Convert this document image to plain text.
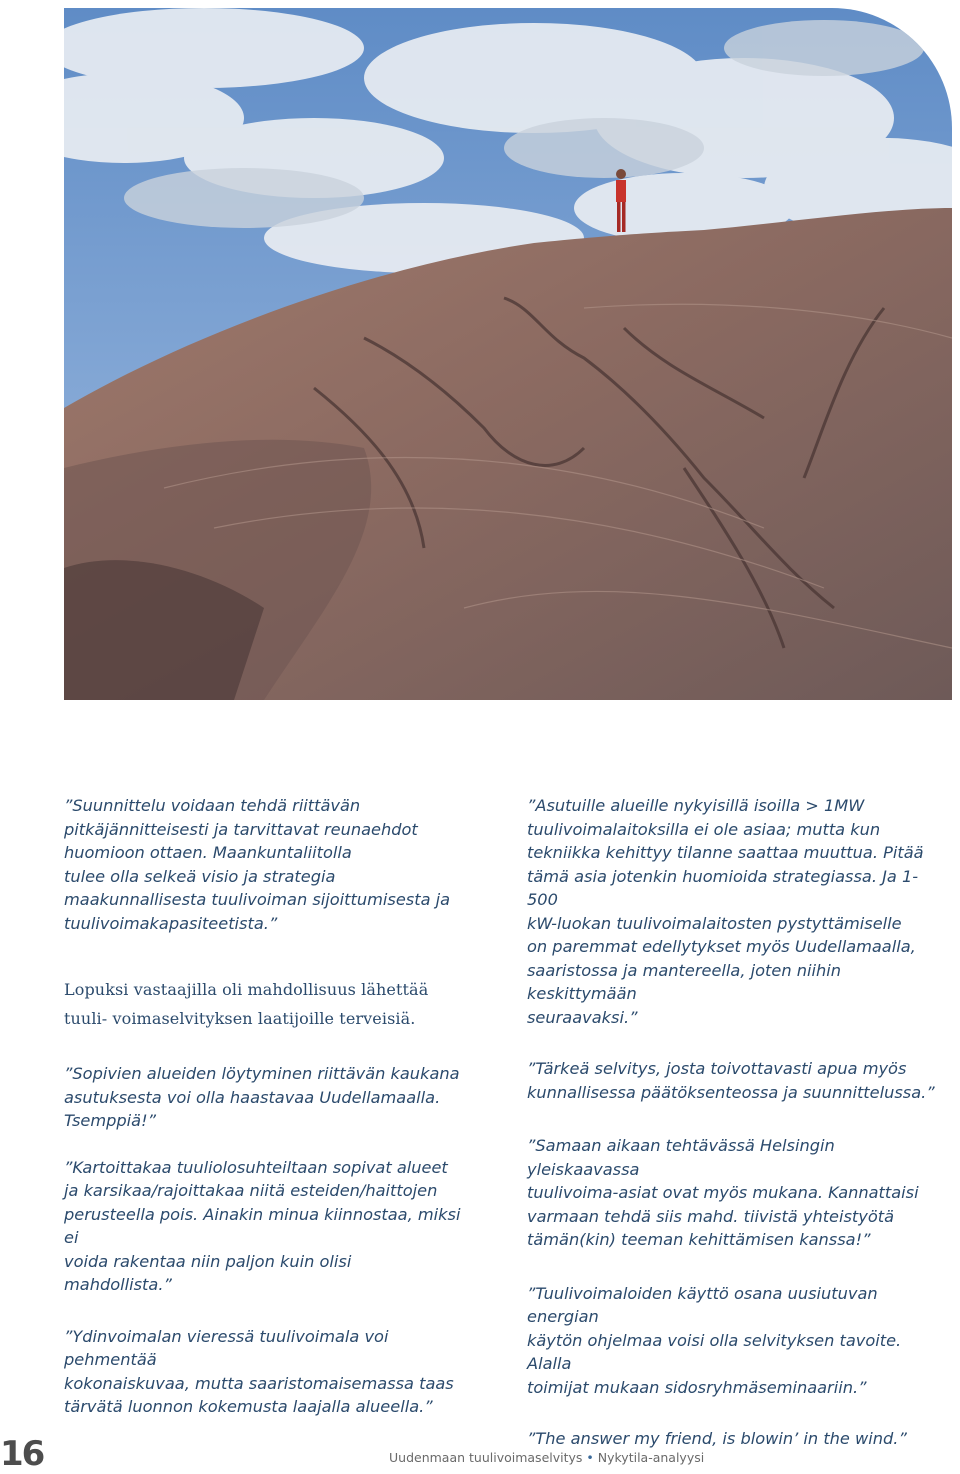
”Suunnittelu voidaan tehdä riittävän
pitkäjännitteisesti ja tarvittavat reunaehdot
huomioon ottaen. Maankuntaliitolla
tulee olla selkeä visio ja strategia
maakunnallisesta tuulivoiman sijoittumisesta ja
tuulivoimakapasiteetista.”

Lopuksi vastaajilla oli mahdollisuus lähettää tuuli- voimaselvityksen laatijoille terveisiä.

”Sopivien alueiden löytyminen riittävän kaukana
asutuksesta voi olla haastavaa Uudellamaalla.
Tsemppiä!”

”Kartoittakaa tuuliolosuhteiltaan sopivat alueet
ja karsikaa/rajoittakaa niitä esteiden/haittojen
perusteella pois. Ainakin minua kiinnostaa, miksi ei
voida rakentaa niin paljon kuin olisi mahdollista.”

”Ydinvoimalan vieressä tuulivoimala voi pehmentää
kokonaiskuvaa, mutta saaristomaisemassa taas
tärvätä luonnon kokemusta laajalla alueella.”

”Asutuille alueille nykyisillä isoilla > 1MW
tuulivoimalaitoksilla ei ole asiaa; mutta kun
tekniikka kehittyy tilanne saattaa muuttua. Pitää
tämä asia jotenkin huomioida strategiassa. Ja 1-500
kW-luokan tuulivoimalaitosten pystyttämiselle
on paremmat edellytykset myös Uudellamaalla,
saaristossa ja mantereella, joten niihin keskittymään
seuraavaksi.”

”Tärkeä selvitys, josta toivottavasti apua myös
kunnallisessa päätöksenteossa ja suunnittelussa.”

”Samaan aikaan tehtävässä Helsingin yleiskaavassa
tuulivoima-asiat ovat myös mukana. Kannattaisi
varmaan tehdä siis mahd. tiivistä yhteistyötä
tämän(kin) teeman kehittämisen kanssa!”

”Tuulivoimaloiden käyttö osana uusiutuvan energian
käytön ohjelmaa voisi olla selvityksen tavoite. Alalla
toimijat mukaan sidosryhmäseminaariin.”

”The answer my friend, is blowin’ in the wind.”

16	Uudenmaan tuulivoimaselvitys • Nykytila-analyysi
